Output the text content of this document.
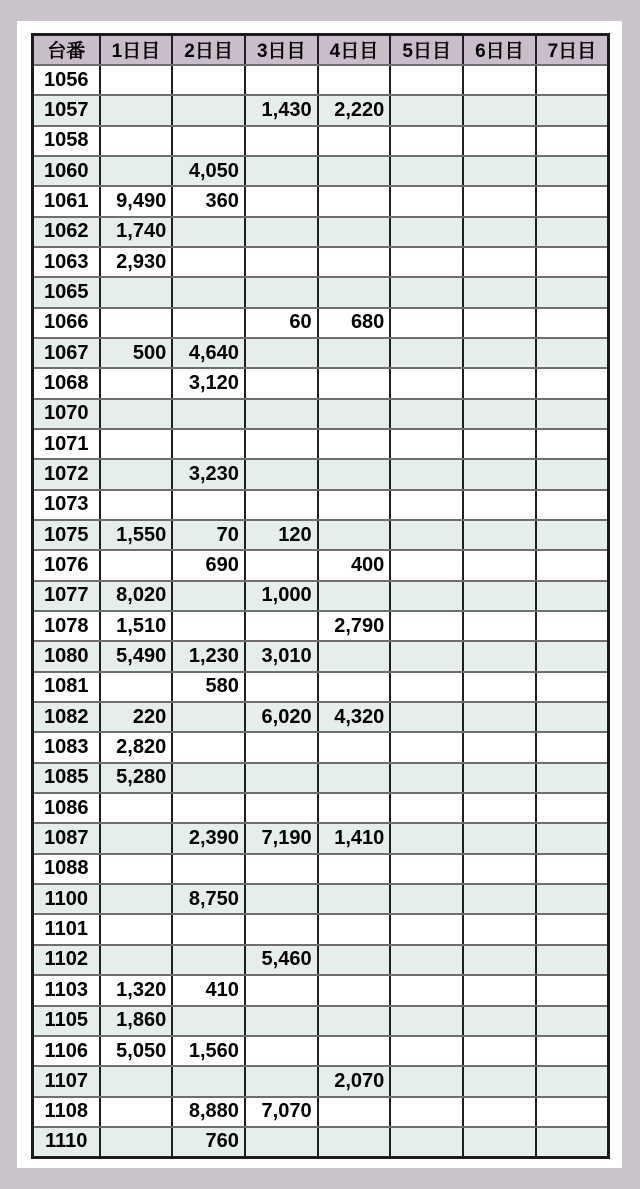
台番	1日目	2日目	3日目	4日目	5日目	6日目	7日目
1056							
1057			1,430	2,220			
1058							
1060		4,050					
1061	9,490	360					
1062	1,740						
1063	2,930						
1065							
1066			60	680			
1067	500	4,640					
1068		3,120					
1070							
1071							
1072		3,230					
1073							
1075	1,550	70	120				
1076		690		400			
1077	8,020		1,000				
1078	1,510			2,790			
1080	5,490	1,230	3,010				
1081		580					
1082	220		6,020	4,320			
1083	2,820						
1085	5,280						
1086							
1087		2,390	7,190	1,410			
1088							
1100		8,750					
1101							
1102			5,460				
1103	1,320	410					
1105	1,860						
1106	5,050	1,560					
1107				2,070			
1108		8,880	7,070				
1110		760					
